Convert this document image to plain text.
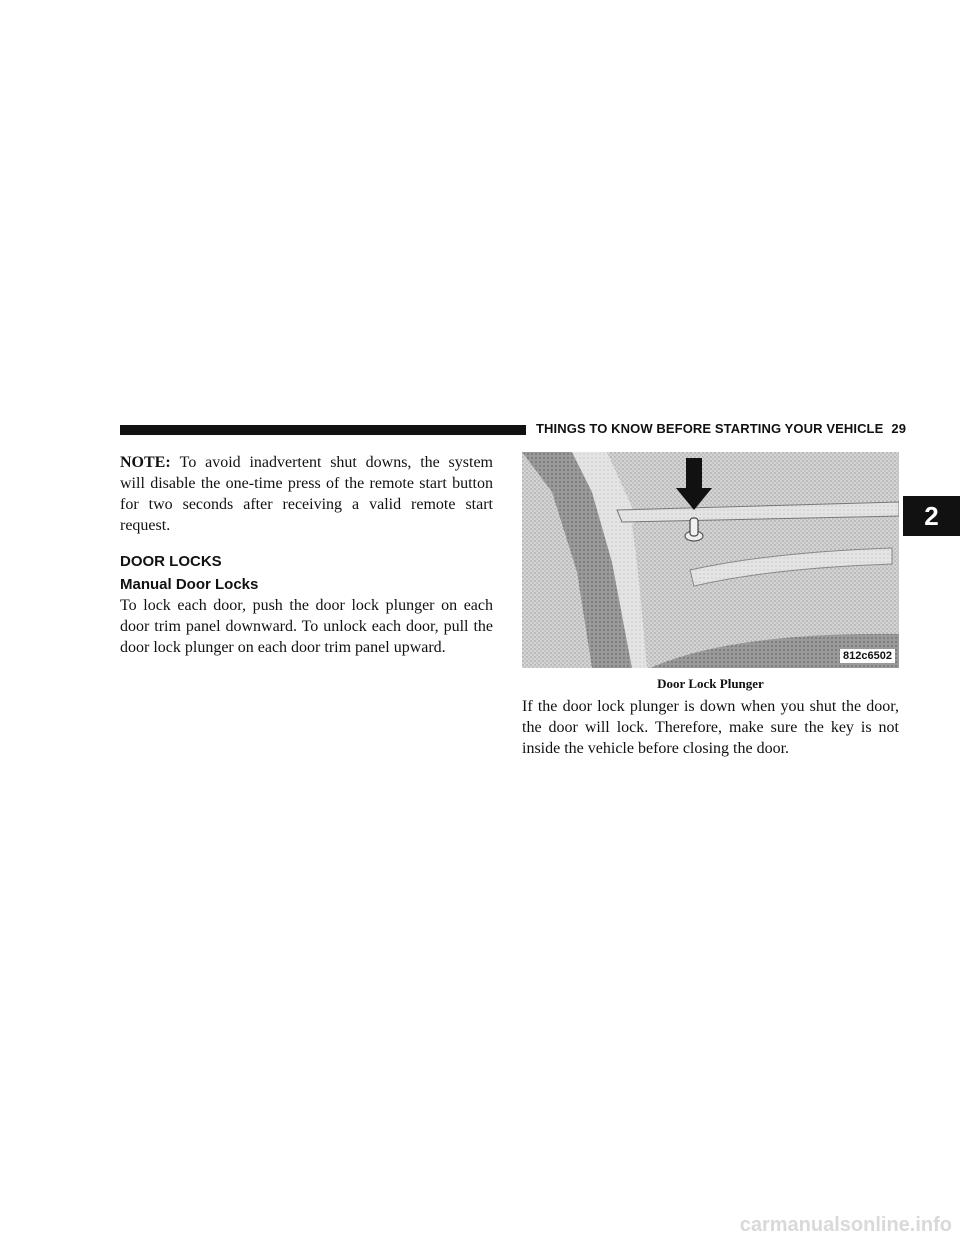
THINGS TO KNOW BEFORE STARTING YOUR VEHICLE 29
2

NOTE: To avoid inadvertent shut downs, the system will disable the one-time press of the remote start button for two seconds after receiving a valid remote start request.

DOOR LOCKS
Manual Door Locks

To lock each door, push the door lock plunger on each door trim panel downward. To unlock each door, pull the door lock plunger on each door trim panel upward.	812c6502
Door Lock Plunger

If the door lock plunger is down when you shut the door, the door will lock. Therefore, make sure the key is not inside the vehicle before closing the door.

carmanualsonline.info
